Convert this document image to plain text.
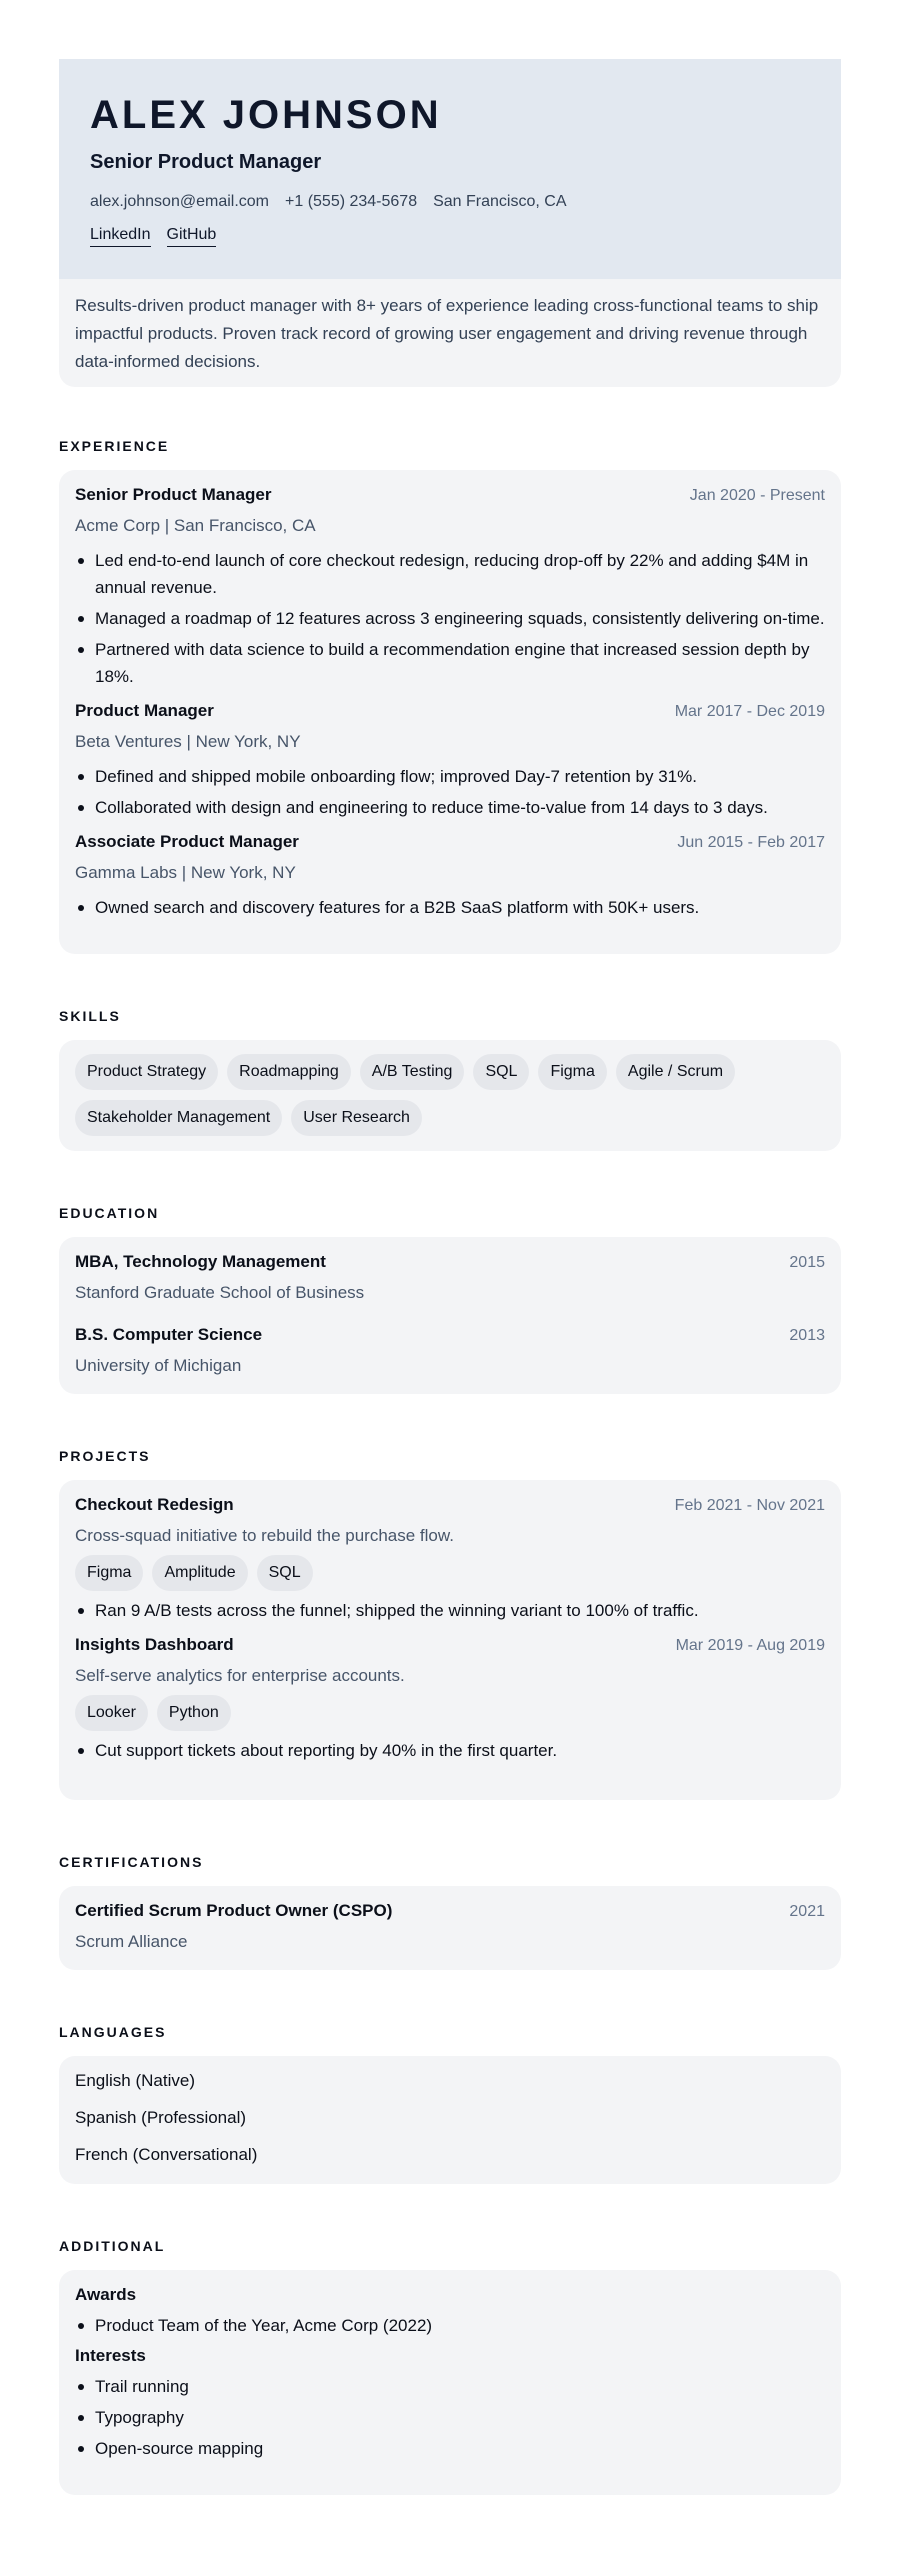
ALEX JOHNSON
Senior Product Manager
alex.johnson@email.com +1 (555) 234-5678 San Francisco, CA
LinkedIn GitHub
Results-driven product manager with 8+ years of experience leading cross-functional teams to ship impactful products. Proven track record of growing user engagement and driving revenue through data-informed decisions.
EXPERIENCE
Senior Product Manager	Jan 2020 - Present
Acme Corp | San Francisco, CA
Led end-to-end launch of core checkout redesign, reducing drop-off by 22% and adding $4M in annual revenue.
Managed a roadmap of 12 features across 3 engineering squads, consistently delivering on-time.
Partnered with data science to build a recommendation engine that increased session depth by 18%.
Product Manager	Mar 2017 - Dec 2019
Beta Ventures | New York, NY
Defined and shipped mobile onboarding flow; improved Day-7 retention by 31%.
Collaborated with design and engineering to reduce time-to-value from 14 days to 3 days.
Associate Product Manager	Jun 2015 - Feb 2017
Gamma Labs | New York, NY
Owned search and discovery features for a B2B SaaS platform with 50K+ users.
SKILLS
Product Strategy	Roadmapping	A/B Testing	SQL	Figma	Agile / Scrum
Stakeholder Management	User Research
EDUCATION
MBA, Technology Management	2015
Stanford Graduate School of Business
B.S. Computer Science	2013
University of Michigan
PROJECTS
Checkout Redesign	Feb 2021 - Nov 2021
Cross-squad initiative to rebuild the purchase flow.
Figma	Amplitude	SQL
Ran 9 A/B tests across the funnel; shipped the winning variant to 100% of traffic.
Insights Dashboard	Mar 2019 - Aug 2019
Self-serve analytics for enterprise accounts.
Looker	Python
Cut support tickets about reporting by 40% in the first quarter.
CERTIFICATIONS
Certified Scrum Product Owner (CSPO)	2021
Scrum Alliance
LANGUAGES
English (Native)
Spanish (Professional)
French (Conversational)
ADDITIONAL
Awards
Product Team of the Year, Acme Corp (2022)
Interests
Trail running
Typography
Open-source mapping
